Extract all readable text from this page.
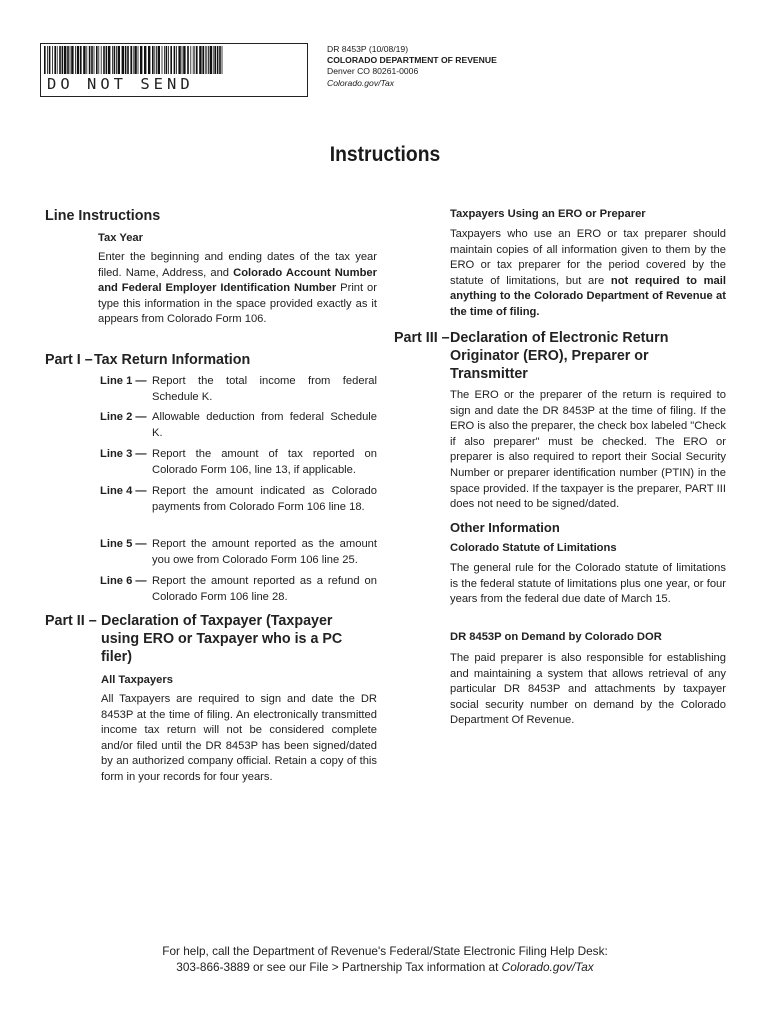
DO NOT SEND
DR 8453P (10/08/19)
COLORADO DEPARTMENT OF REVENUE
Denver CO 80261-0006
Colorado.gov/Tax
Instructions
Line Instructions
Tax Year
Enter the beginning and ending dates of the tax year filed. Name, Address, and Colorado Account Number and Federal Employer Identification Number Print or type this information in the space provided exactly as it appears from Colorado Form 106.
Part I – Tax Return Information
Line 1 — Report the total income from federal Schedule K.
Line 2 — Allowable deduction from federal Schedule K.
Line 3 — Report the amount of tax reported on Colorado Form 106, line 13, if applicable.
Line 4 — Report the amount indicated as Colorado payments from Colorado Form 106 line 18.
Line 5 — Report the amount reported as the amount you owe from Colorado Form 106 line 25.
Line 6 — Report the amount reported as a refund on Colorado Form 106 line 28.
Part II – Declaration of Taxpayer (Taxpayer using ERO or Taxpayer who is a PC filer)
All Taxpayers
All Taxpayers are required to sign and date the DR 8453P at the time of filing. An electronically transmitted income tax return will not be considered complete and/or filed until the DR 8453P has been signed/dated by an authorized company official. Retain a copy of this form in your records for four years.
Taxpayers Using an ERO or Preparer
Taxpayers who use an ERO or tax preparer should maintain copies of all information given to them by the ERO or tax preparer for the period covered by the statute of limitations, but are not required to mail anything to the Colorado Department of Revenue at the time of filing.
Part III – Declaration of Electronic Return Originator (ERO), Preparer or Transmitter
The ERO or the preparer of the return is required to sign and date the DR 8453P at the time of filing. If the ERO is also the preparer, the check box labeled "Check if also preparer" must be checked. The ERO or preparer is also required to report their Social Security Number or preparer identification number (PTIN) in the space provided. If the taxpayer is the preparer, PART III does not need to be signed/dated.
Other Information
Colorado Statute of Limitations
The general rule for the Colorado statute of limitations is the federal statute of limitations plus one year, or four years from the federal due date of March 15.
DR 8453P on Demand by Colorado DOR
The paid preparer is also responsible for establishing and maintaining a system that allows retrieval of any particular DR 8453P and attachments by taxpayer social security number on demand by the Colorado Department Of Revenue.
For help, call the Department of Revenue's Federal/State Electronic Filing Help Desk:
303-866-3889 or see our File > Partnership Tax information at Colorado.gov/Tax
